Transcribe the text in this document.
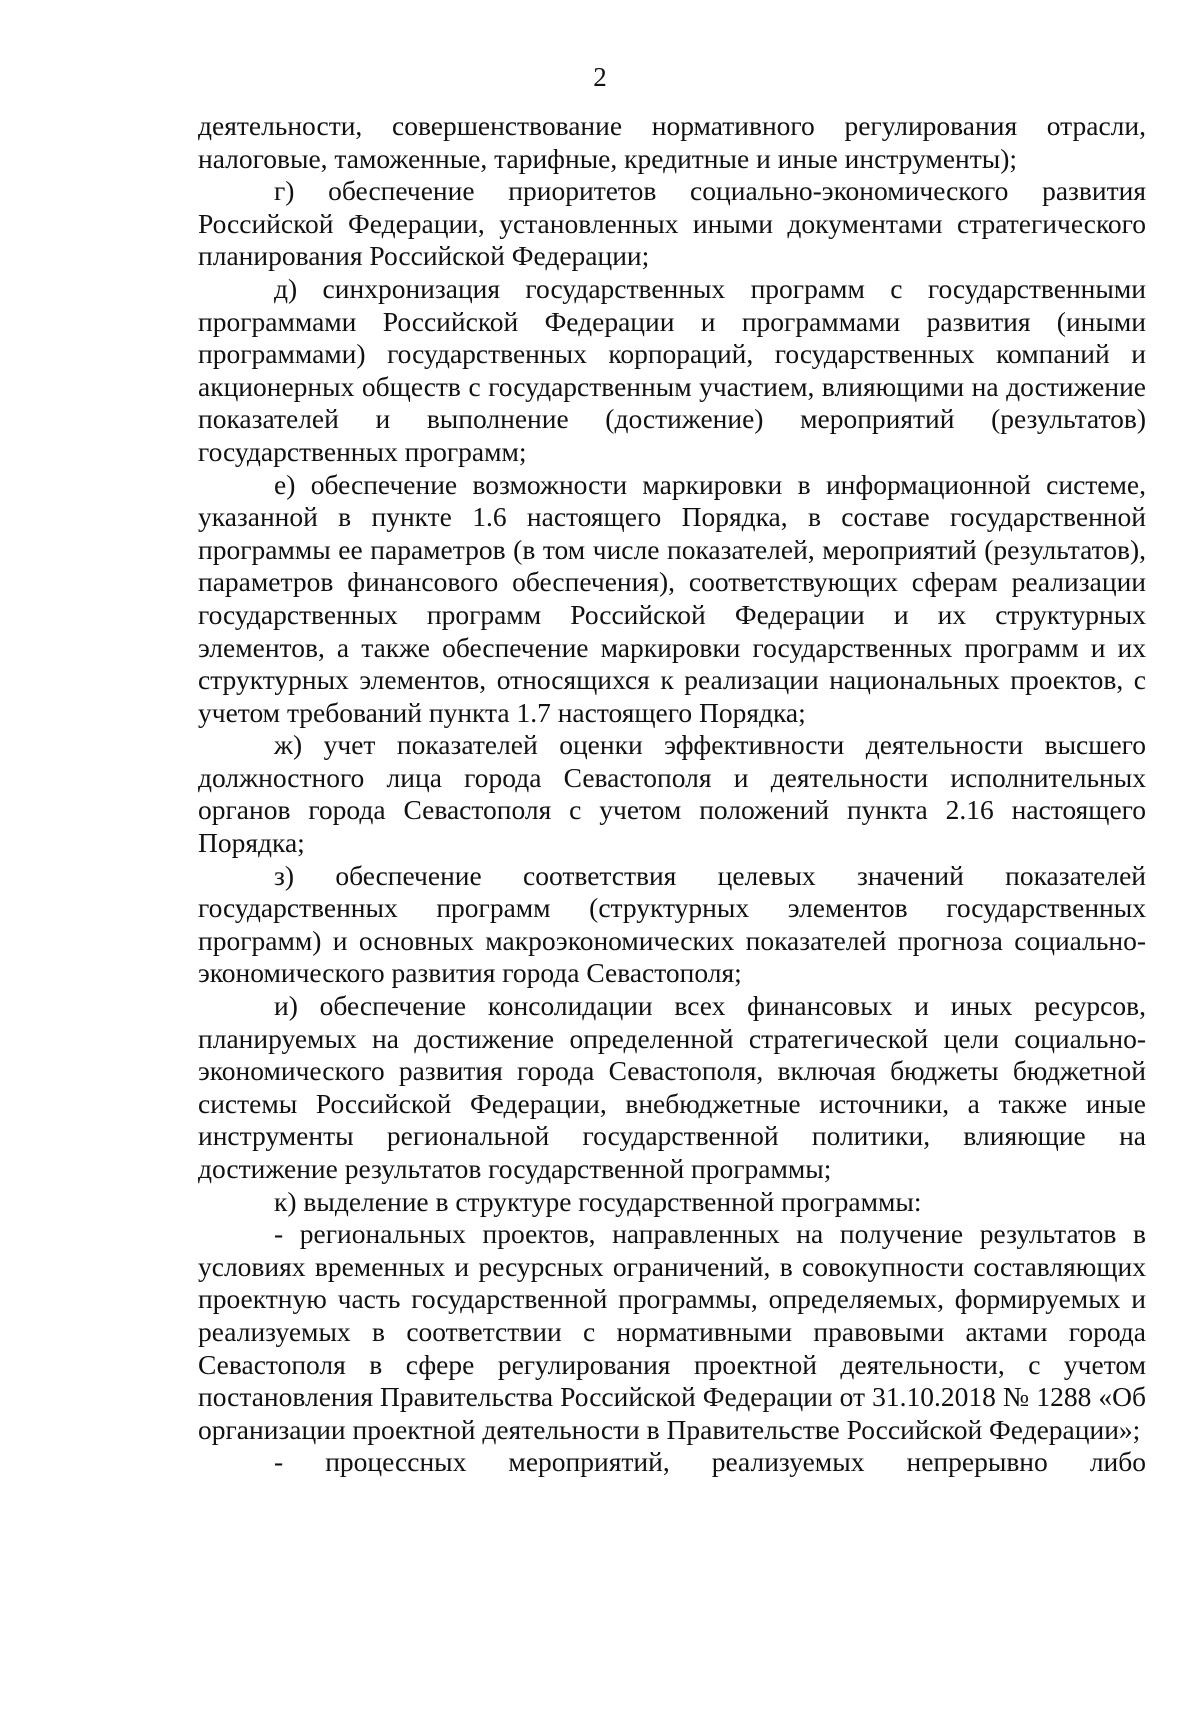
2

деятельности, совершенствование нормативного регулирования отрасли, налоговые, таможенные, тарифные, кредитные и иные инструменты);

г) обеспечение приоритетов социально-экономического развития Российской Федерации, установленных иными документами стратегического планирования Российской Федерации;

д) синхронизация государственных программ с государственными программами Российской Федерации и программами развития (иными программами) государственных корпораций, государственных компаний и акционерных обществ с государственным участием, влияющими на достижение показателей и выполнение (достижение) мероприятий (результатов) государственных программ;

е) обеспечение возможности маркировки в информационной системе, указанной в пункте 1.6 настоящего Порядка, в составе государственной программы ее параметров (в том числе показателей, мероприятий (результатов), параметров финансового обеспечения), соответствующих сферам реализации государственных программ Российской Федерации и их структурных элементов, а также обеспечение маркировки государственных программ и их структурных элементов, относящихся к реализации национальных проектов, с учетом требований пункта 1.7 настоящего Порядка;

ж) учет показателей оценки эффективности деятельности высшего должностного лица города Севастополя и деятельности исполнительных органов города Севастополя с учетом положений пункта 2.16 настоящего Порядка;

з) обеспечение соответствия целевых значений показателей государственных программ (структурных элементов государственных программ) и основных макроэкономических показателей прогноза социально-экономического развития города Севастополя;

и) обеспечение консолидации всех финансовых и иных ресурсов, планируемых на достижение определенной стратегической цели социально-экономического развития города Севастополя, включая бюджеты бюджетной системы Российской Федерации, внебюджетные источники, а также иные инструменты региональной государственной политики, влияющие на достижение результатов государственной программы;

к) выделение в структуре государственной программы:

- региональных проектов, направленных на получение результатов в условиях временных и ресурсных ограничений, в совокупности составляющих проектную часть государственной программы, определяемых, формируемых и реализуемых в соответствии с нормативными правовыми актами города Севастополя в сфере регулирования проектной деятельности, с учетом постановления Правительства Российской Федерации от 31.10.2018 № 1288 «Об организации проектной деятельности в Правительстве Российской Федерации»;

- процессных мероприятий, реализуемых непрерывно либо
